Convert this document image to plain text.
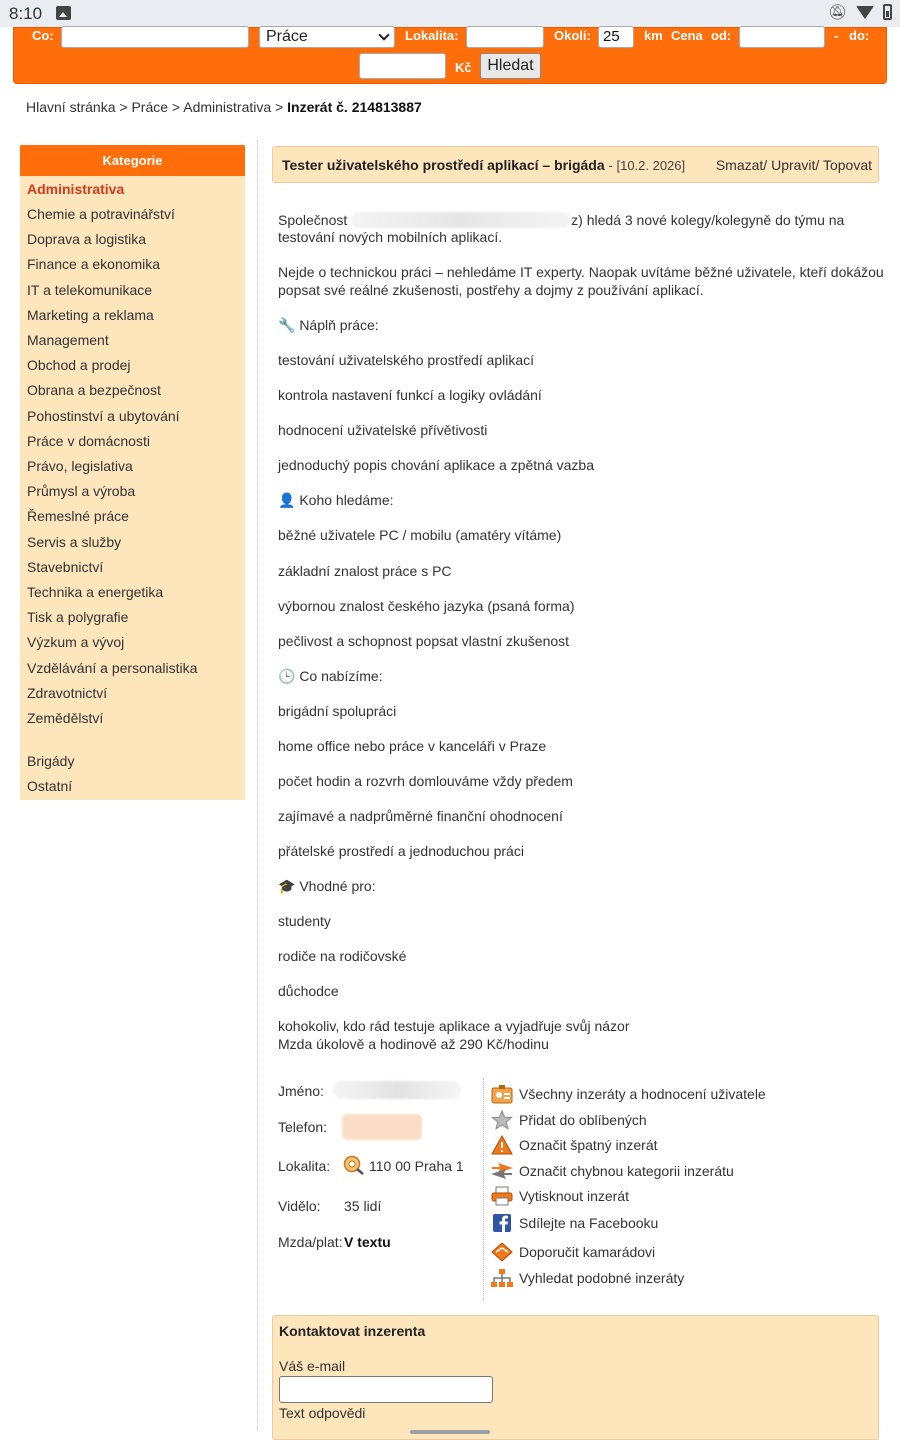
8:10	🔕︎
Co:	Práce	Lokalita:	Okolí: 25	km Cena od:	- do:
Kč Hledat
Hlavní stránka > Práce > Administrativa > Inzerát č. 214813887
Kategorie
Administrativa
Chemie a potravinářství
Doprava a logistika
Finance a ekonomika
IT a telekomunikace
Marketing a reklama
Management
Obchod a prodej
Obrana a bezpečnost
Pohostinství a ubytování
Práce v domácnosti
Právo, legislativa
Průmysl a výroba
Řemeslné práce
Servis a služby
Stavebnictví
Technika a energetika
Tisk a polygrafie
Výzkum a vývoj
Vzdělávání a personalistika
Zdravotnictví
Zemědělství
Brigády
Ostatní
Tester uživatelského prostředí aplikací – brigáda - [10.2. 2026] Smazat/ Upravit/ Topovat
Společnost	z) hledá 3 nové kolegy/kolegyně do týmu na
testování nových mobilních aplikací.
Nejde o technickou práci – nehledáme IT experty. Naopak uvítáme běžné uživatele, kteří dokážou
popsat své reálné zkušenosti, postřehy a dojmy z používání aplikací.
🔧 Náplň práce:
testování uživatelského prostředí aplikací
kontrola nastavení funkcí a logiky ovládání
hodnocení uživatelské přívětivosti
jednoduchý popis chování aplikace a zpětná vazba
👤 Koho hledáme:
běžné uživatele PC / mobilu (amatéry vítáme)
základní znalost práce s PC
výbornou znalost českého jazyka (psaná forma)
pečlivost a schopnost popsat vlastní zkušenost
🕒 Co nabízíme:
brigádní spolupráci
home office nebo práce v kanceláři v Praze
počet hodin a rozvrh domlouváme vždy předem
zajímavé a nadprůměrné finanční ohodnocení
přátelské prostředí a jednoduchou práci
🎓 Vhodné pro:
studenty
rodiče na rodičovské
důchodce
kohokoliv, kdo rád testuje aplikace a vyjadřuje svůj názor
Mzda úkolově a hodinově až 290 Kč/hodinu
Jméno:
Telefon:
Lokalita:	110 00 Praha 1
Vidělo: 35 lidí
Mzda/plat: V textu
Všechny inzeráty a hodnocení uživatele
Přidat do oblíbených
Označit špatný inzerát
Označit chybnou kategorii inzerátu
Vytisknout inzerát
Sdílejte na Facebooku
Doporučit kamarádovi
Vyhledat podobné inzeráty
Kontaktovat inzerenta
Váš e-mail
Text odpovědi
